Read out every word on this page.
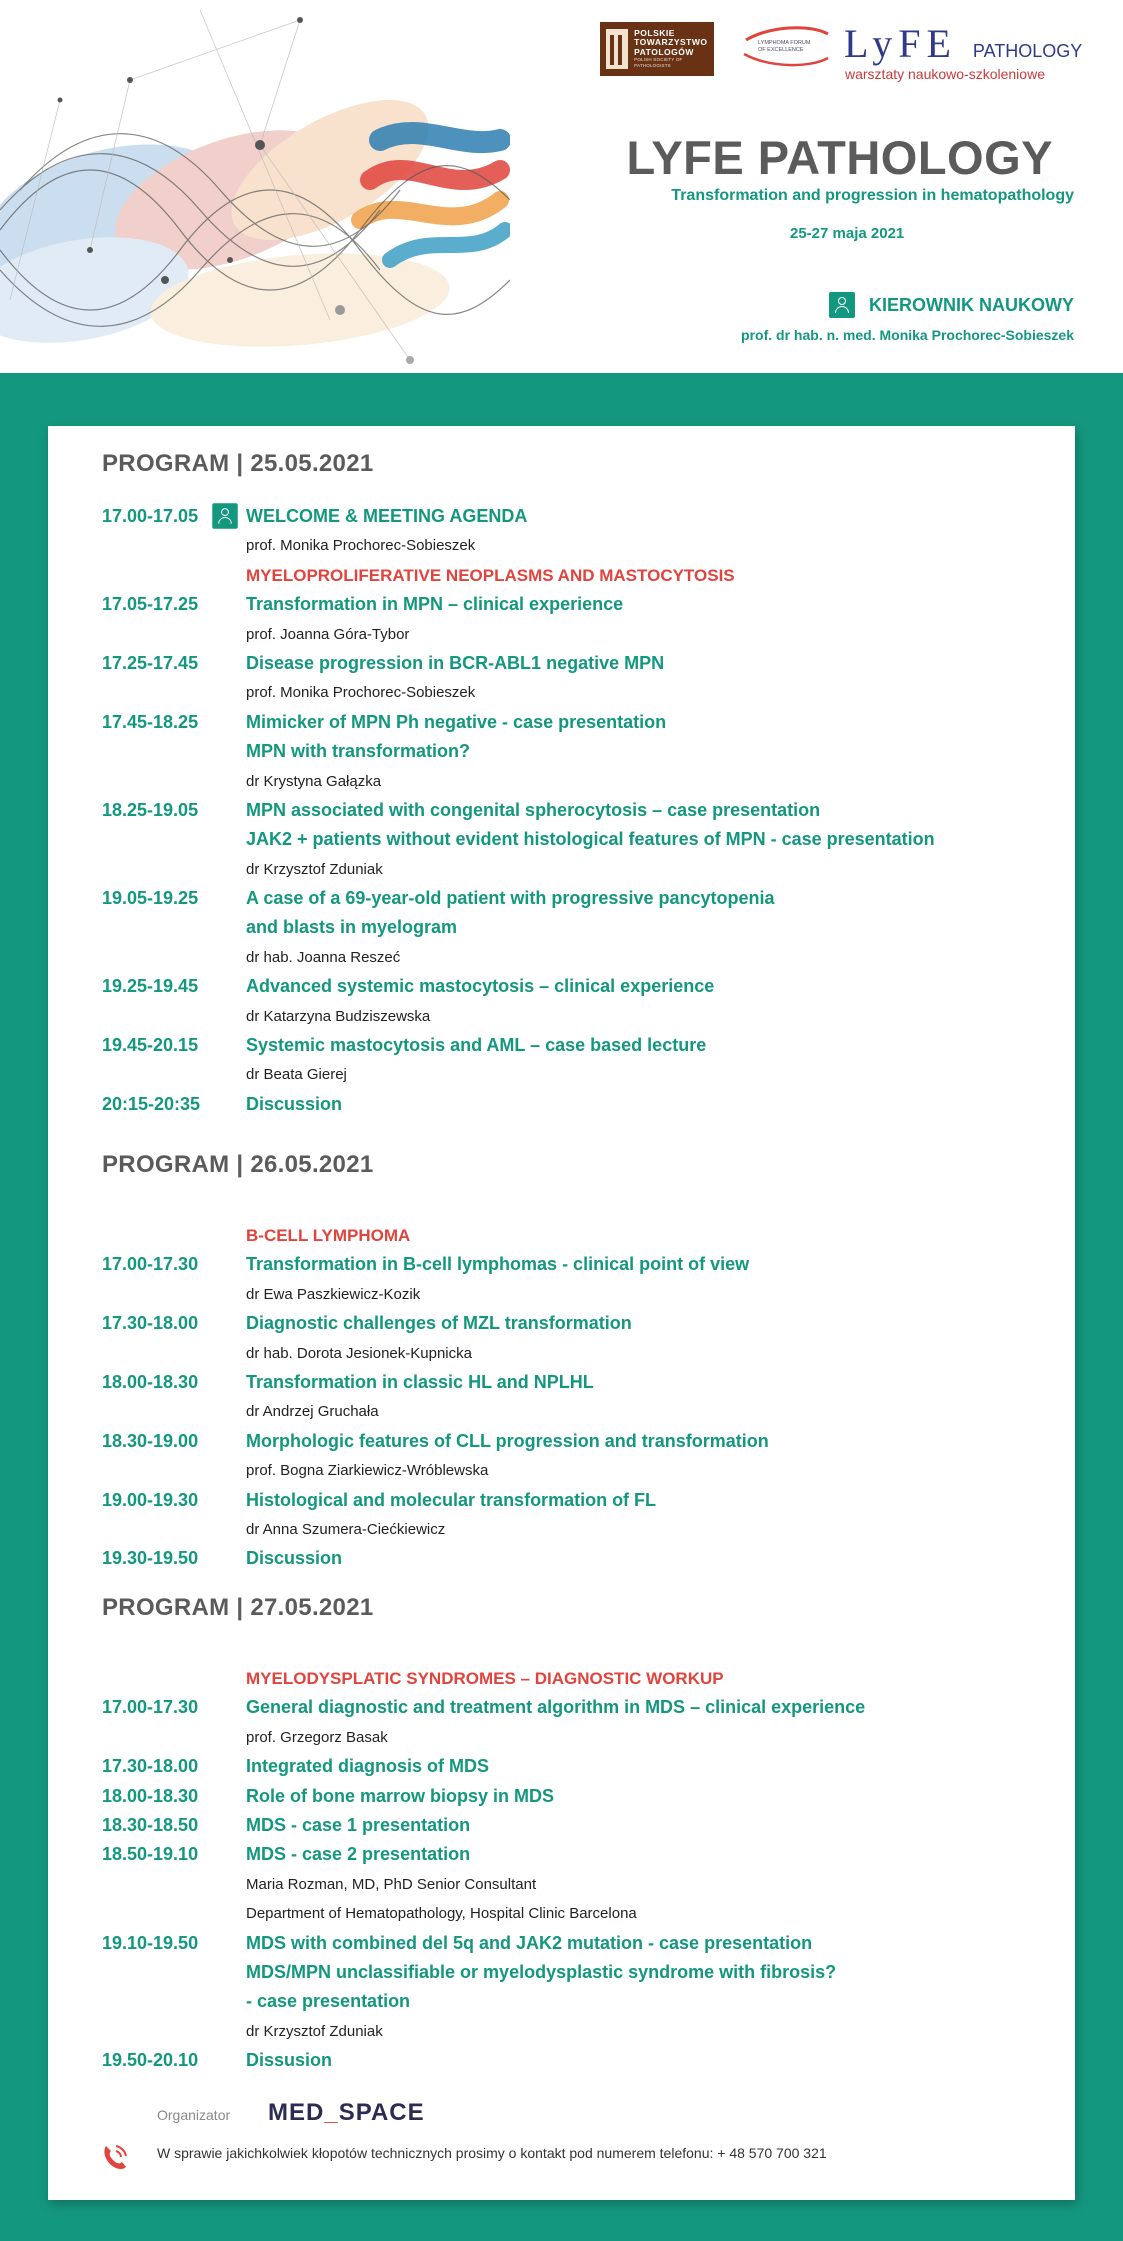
POLSKIE
TOWARZYSTWO
PATOLOGÓW
POLISH SOCIETY OF PATHOLOGISTS
LYMPHOMA FORUM
OF EXCELLENCE LyFE PATHOLOGY
warsztaty naukowo-szkoleniowe
LYFE PATHOLOGY
Transformation and progression in hematopathology
25-27 maja 2021
KIEROWNIK NAUKOWY
prof. dr hab. n. med. Monika Prochorec-Sobieszek
PROGRAM | 25.05.2021
17.00-17.05	WELCOME & MEETING AGENDA
prof. Monika Prochorec-Sobieszek
MYELOPROLIFERATIVE NEOPLASMS AND MASTOCYTOSIS
17.05-17.25	Transformation in MPN – clinical experience
prof. Joanna Góra-Tybor
17.25-17.45	Disease progression in BCR-ABL1 negative MPN
prof. Monika Prochorec-Sobieszek
17.45-18.25	Mimicker of MPN Ph negative - case presentation
MPN with transformation?
dr Krystyna Gałązka
18.25-19.05	MPN associated with congenital spherocytosis – case presentation
JAK2 + patients without evident histological features of MPN - case presentation
dr Krzysztof Zduniak
19.05-19.25	A case of a 69-year-old patient with progressive pancytopenia
and blasts in myelogram
dr hab. Joanna Reszeć
19.25-19.45	Advanced systemic mastocytosis – clinical experience
dr Katarzyna Budziszewska
19.45-20.15	Systemic mastocytosis and AML – case based lecture
dr Beata Gierej
20:15-20:35	Discussion
PROGRAM | 26.05.2021
B-CELL LYMPHOMA
17.00-17.30	Transformation in B-cell lymphomas - clinical point of view
dr Ewa Paszkiewicz-Kozik
17.30-18.00	Diagnostic challenges of MZL transformation
dr hab. Dorota Jesionek-Kupnicka
18.00-18.30	Transformation in classic HL and NPLHL
dr Andrzej Gruchała
18.30-19.00	Morphologic features of CLL progression and transformation
prof. Bogna Ziarkiewicz-Wróblewska
19.00-19.30	Histological and molecular transformation of FL
dr Anna Szumera-Ciećkiewicz
19.30-19.50	Discussion
PROGRAM | 27.05.2021
MYELODYSPLATIC SYNDROMES – DIAGNOSTIC WORKUP
17.00-17.30	General diagnostic and treatment algorithm in MDS – clinical experience
prof. Grzegorz Basak
17.30-18.00	Integrated diagnosis of MDS
18.00-18.30	Role of bone marrow biopsy in MDS
18.30-18.50	MDS - case 1 presentation
18.50-19.10	MDS - case 2 presentation
Maria Rozman, MD, PhD Senior Consultant
Department of Hematopathology, Hospital Clinic Barcelona
19.10-19.50	MDS with combined del 5q and JAK2 mutation - case presentation
MDS/MPN unclassifiable or myelodysplastic syndrome with fibrosis?
- case presentation
dr Krzysztof Zduniak
19.50-20.10	Dissusion
Organizator MED_SPACE
W sprawie jakichkolwiek kłopotów technicznych prosimy o kontakt pod numerem telefonu: + 48 570 700 321
